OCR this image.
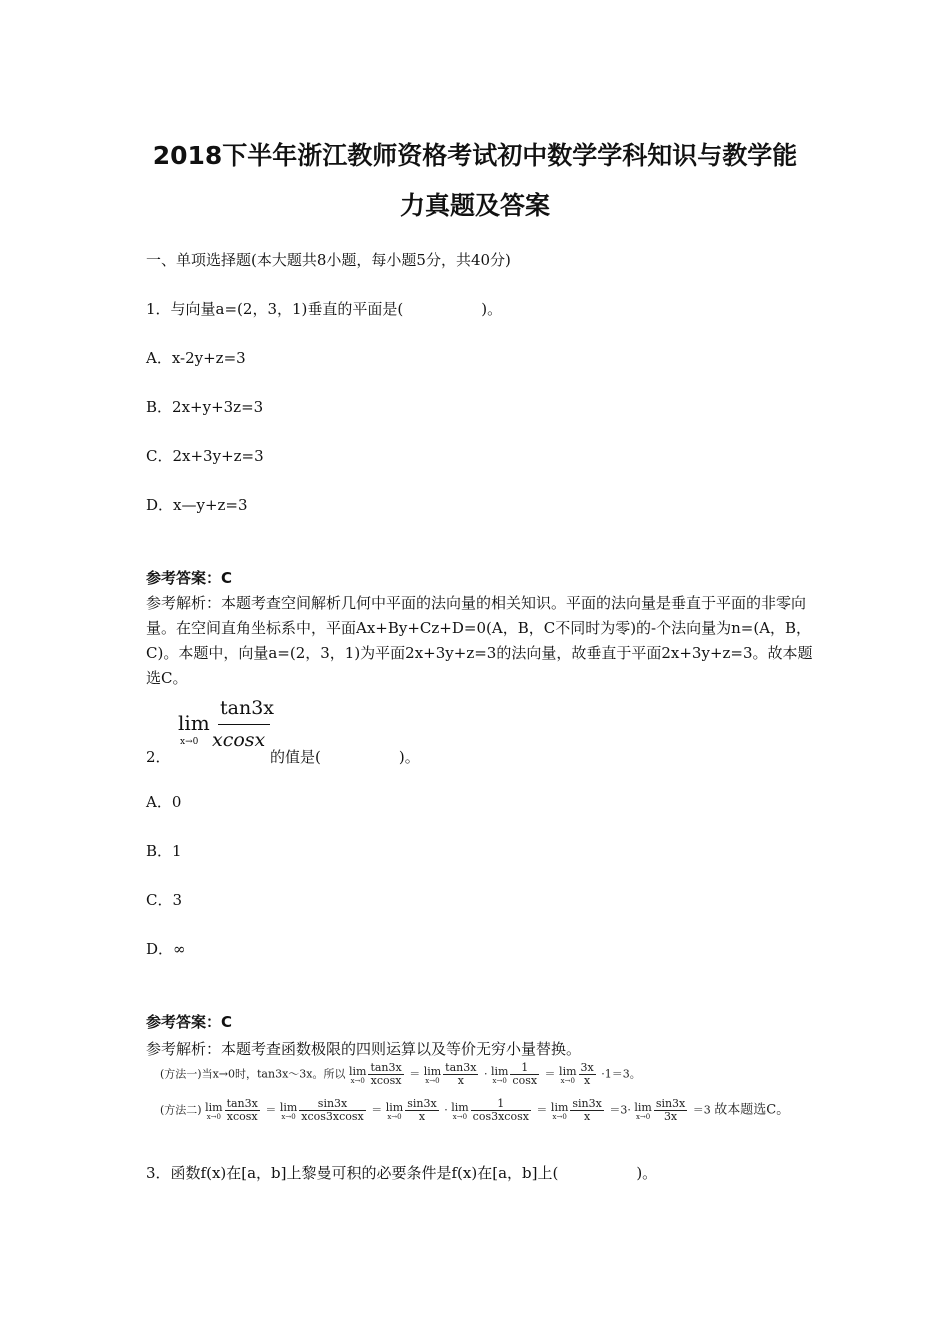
2018下半年浙江教师资格考试初中数学学科知识与教学能
力真题及答案
一、单项选择题(本大题共8小题，每小题5分，共40分)
1．与向量a=(2，3，1)垂直的平面是(	)。
A．x-2y+z=3
B．2x+y+3z=3
C．2x+3y+z=3
D．x—y+z=3
参考答案：C
参考解析：本题考查空间解析几何中平面的法向量的相关知识。平面的法向量是垂直于平面的非零向量。在空间直角坐标系中，平面Ax+By+Cz+D=0(A，B，C不同时为零)的-个法向量为n=(A，B，C)。本题中，向量a=(2，3，1)为平面2x+3y+z=3的法向量，故垂直于平面2x+3y+z=3。故本题选C。
2．
lim
x→0
tan3x
xcosx
的值是(	)。
A．0
B．1
C．3
D．∞
参考答案：C
参考解析：本题考查函数极限的四则运算以及等价无穷小量替换。
(方法一)当x→0时，tan3x～3x。所以 lim
$x\to 0 \frac{\tan 3x}{xcosx} = \lim$
$x\to 0 \frac{\tan 3x}{x} \cdot \lim$
$x\to 0 \frac{1}{\cos x} = \lim$
$x\to 0 \frac{3x}{x} \cdot 1=3$。
(方法二) lim
$x\to 0 \frac{\tan 3x}{xcosx} = \lim$
$x\to 0 \frac{\sin 3x}{xcos3xcosx} = \lim$
$x\to 0 \frac{\sin 3x}{x} \cdot \lim$
$x\to 0 \frac{1}{\cos 3xcosx} = \lim$
$x\to 0 \frac{\sin 3x}{x} =3\cdot \lim$
$x\to 0 \frac{\sin 3x}{3x} =3$ 故本题选C。
3．函数f(x)在[a，b]上黎曼可积的必要条件是f(x)在[a，b]上(	)。
